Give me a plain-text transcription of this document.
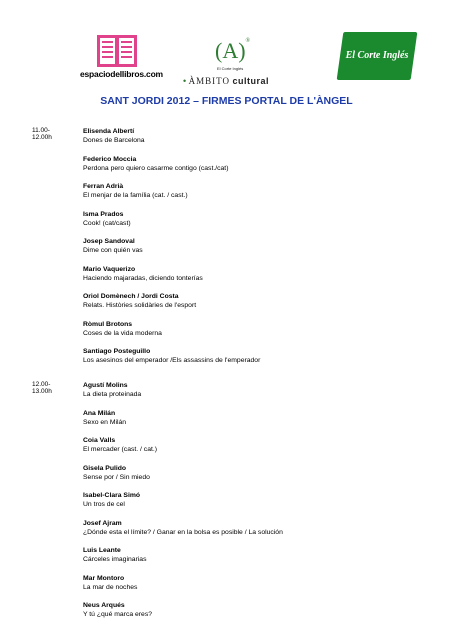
espaciodellibros.com
(A)®
El Corte Inglés
• ÀMBITO cultural
El Corte Inglés
SANT JORDI 2012 – FIRMES PORTAL DE L'ÀNGEL
11.00-12.00h
Elisenda Albertí
Dones de Barcelona
Federico Moccia
Perdona pero quiero casarme contigo (cast./cat)
Ferran Adrià
El menjar de la família (cat. / cast.)
Isma Prados
Cook! (cat/cast)
Josep Sandoval
Dime con quién vas
Mario Vaquerizo
Haciendo majaradas, diciendo tonterías
Oriol Domènech / Jordi Costa
Relats. Històries solidàries de l'esport
Ròmul Brotons
Coses de la vida moderna
Santiago Posteguillo
Los asesinos del emperador /Els assassins de l'emperador
12.00-13.00h
Agustí Molins
La dieta proteinada
Ana Milán
Sexo en Milán
Coia Valls
El mercader (cast. / cat.)
Gisela Pulido
Sense por / Sin miedo
Isabel-Clara Simó
Un tros de cel
Josef Ajram
¿Dónde esta el límite? / Ganar en la bolsa es posible / La solución
Luis Leante
Cárceles imaginarias
Mar Montoro
La mar de noches
Neus Arqués
Y tú ¿qué marca eres?
